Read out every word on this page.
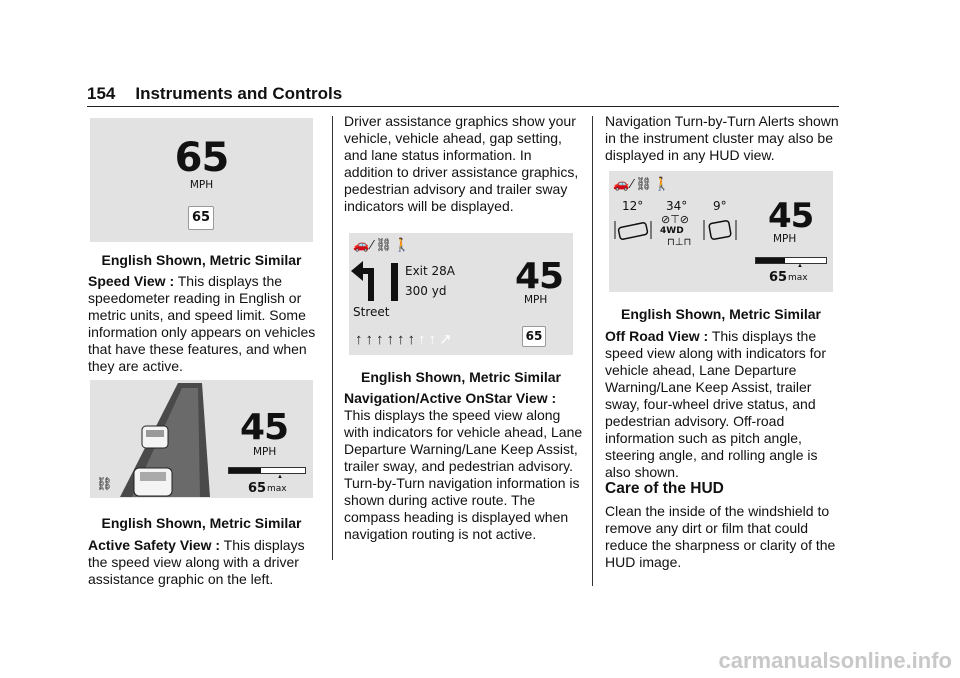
154 Instruments and Controls
65
MPH
65
English Shown, Metric Similar
Speed View : This displays the speedometer reading in English or metric units, and speed limit. Some information only appears on vehicles that have these features, and when they are active.
⛓
45
MPH
▲
65 max
English Shown, Metric Similar
Active Safety View : This displays the speed view along with a driver assistance graphic on the left.
Driver assistance graphics show your vehicle, vehicle ahead, gap setting, and lane status information. In addition to driver assistance graphics, pedestrian advisory and trailer sway indicators will be displayed.
🚗⁄⛓🚶
Exit 28A
300 yd
Street
45
MPH
↑↑↑↑↑↑↑↑↗	65
English Shown, Metric Similar
Navigation/Active OnStar View : This displays the speed view along with indicators for vehicle ahead, Lane Departure Warning/Lane Keep Assist, trailer sway, and pedestrian advisory. Turn-by-Turn navigation information is shown during active route. The compass heading is displayed when navigation routing is not active.
Navigation Turn-by-Turn Alerts shown in the instrument cluster may also be displayed in any HUD view.
🚗⁄⛓🚶
12° 34° 9°
⊘⊤⊘
4WD
⊓⊥⊓
45
MPH
▲
65 max
English Shown, Metric Similar
Off Road View : This displays the speed view along with indicators for vehicle ahead, Lane Departure Warning/Lane Keep Assist, trailer sway, four-wheel drive status, and pedestrian advisory. Off-road information such as pitch angle, steering angle, and rolling angle is also shown.
Care of the HUD
Clean the inside of the windshield to remove any dirt or film that could reduce the sharpness or clarity of the HUD image.
carmanualsonline.info
